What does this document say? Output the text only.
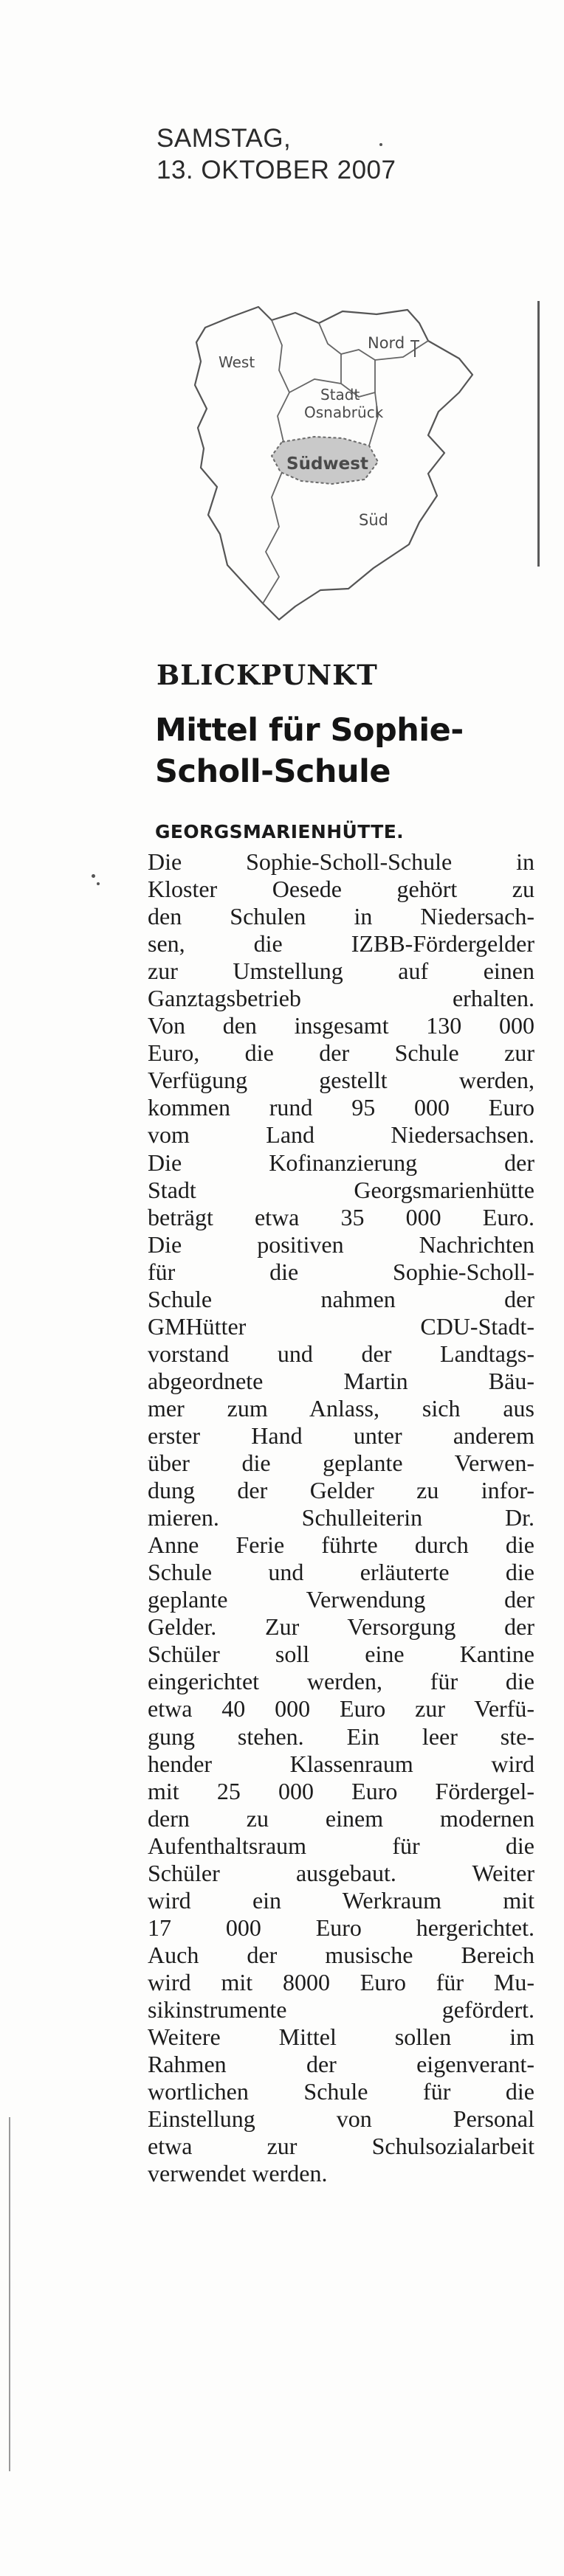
SAMSTAG,
13. OKTOBER 2007
West
Nord
Stadt
Osnabrück
Südwest
Süd
BLICKPUNKT
Mittel für Sophie-
Scholl-Schule
GEORGSMARIENHÜTTE.
Die Sophie-Scholl-Schule in
Kloster Oesede gehört zu
den Schulen in Niedersach-
sen, die IZBB-Fördergelder
zur Umstellung auf einen
Ganztagsbetrieb erhalten.
Von den insgesamt 130 000
Euro, die der Schule zur
Verfügung gestellt werden,
kommen rund 95 000 Euro
vom Land Niedersachsen.
Die Kofinanzierung der
Stadt Georgsmarienhütte
beträgt etwa 35 000 Euro.
Die positiven Nachrichten
für die Sophie-Scholl-
Schule nahmen der
GMHütter CDU-Stadt-
vorstand und der Landtags-
abgeordnete Martin Bäu-
mer zum Anlass, sich aus
erster Hand unter anderem
über die geplante Verwen-
dung der Gelder zu infor-
mieren. Schulleiterin Dr.
Anne Ferie führte durch die
Schule und erläuterte die
geplante Verwendung der
Gelder. Zur Versorgung der
Schüler soll eine Kantine
eingerichtet werden, für die
etwa 40 000 Euro zur Verfü-
gung stehen. Ein leer ste-
hender Klassenraum wird
mit 25 000 Euro Fördergel-
dern zu einem modernen
Aufenthaltsraum für die
Schüler ausgebaut. Weiter
wird ein Werkraum mit
17 000 Euro hergerichtet.
Auch der musische Bereich
wird mit 8000 Euro für Mu-
sikinstrumente gefördert.
Weitere Mittel sollen im
Rahmen der eigenverant-
wortlichen Schule für die
Einstellung von Personal
etwa zur Schulsozialarbeit
verwendet werden.
